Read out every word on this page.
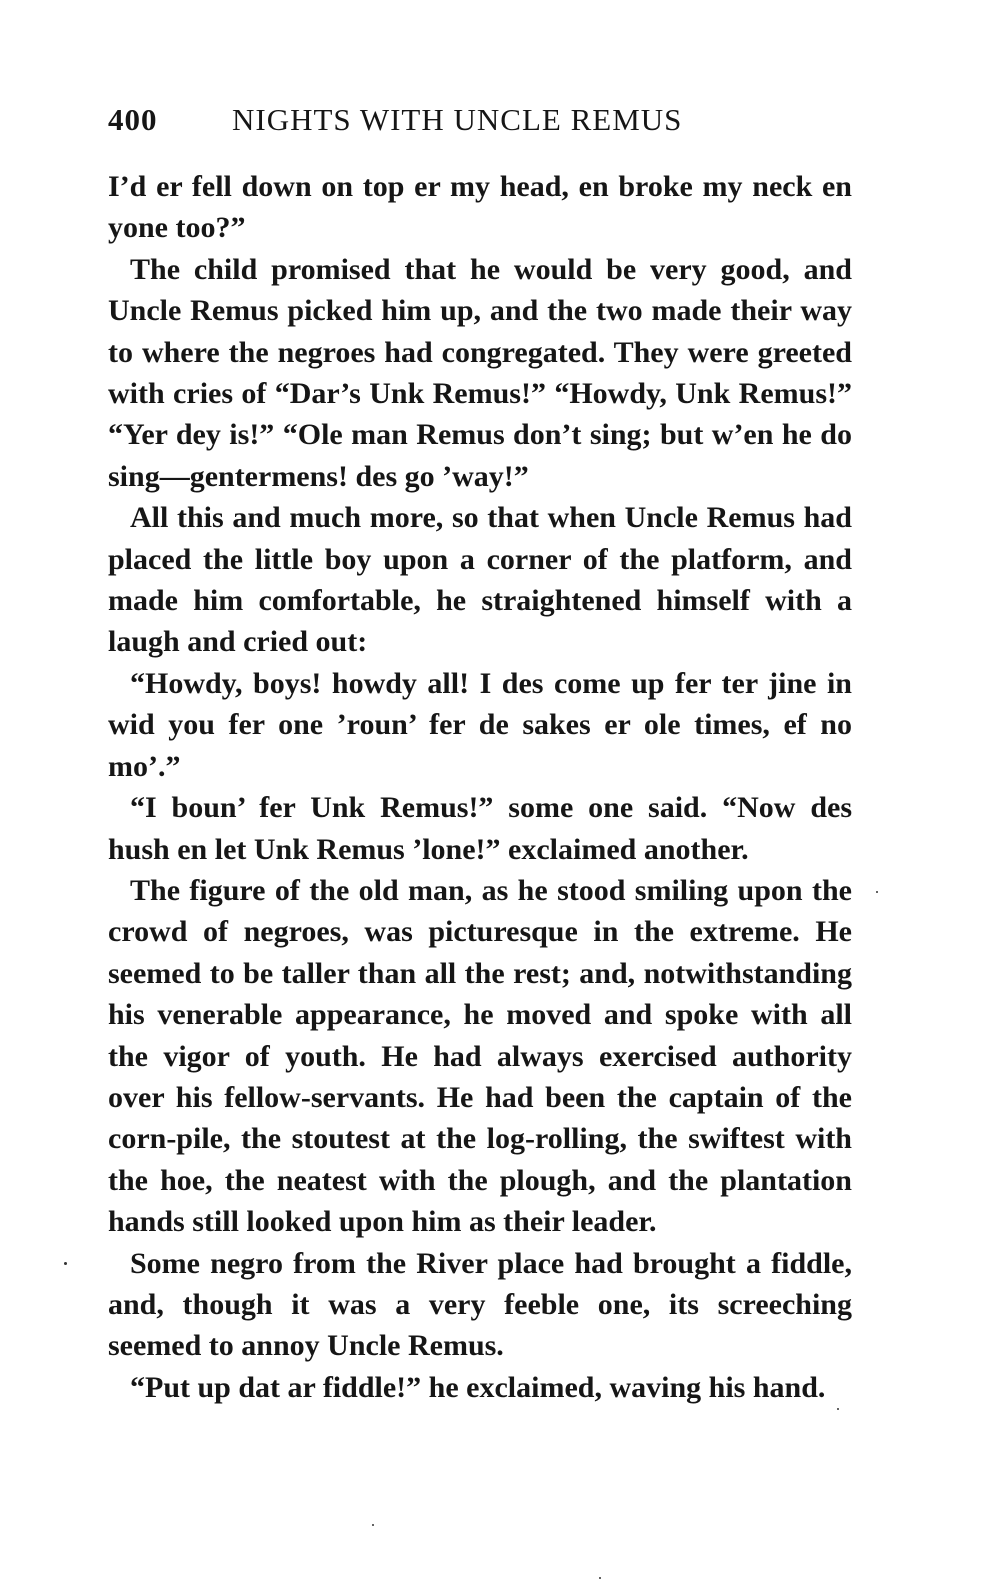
400 NIGHTS WITH UNCLE REMUS

I’d er fell down on top er my head, en broke my neck en yone too?”

The child promised that he would be very good, and Uncle Remus picked him up, and the two made their way to where the negroes had congregated. They were greeted with cries of “Dar’s Unk Remus!” “Howdy, Unk Remus!” “Yer dey is!” “Ole man Remus don’t sing; but w’en he do sing—gentermens! des go ’way!”

All this and much more, so that when Uncle Remus had placed the little boy upon a corner of the platform, and made him comfortable, he straightened himself with a laugh and cried out:

“Howdy, boys! howdy all! I des come up fer ter jine in wid you fer one ’roun’ fer de sakes er ole times, ef no mo’.”

“I boun’ fer Unk Remus!” some one said. “Now des hush en let Unk Remus ’lone!” exclaimed another.

The figure of the old man, as he stood smiling upon the crowd of negroes, was picturesque in the extreme. He seemed to be taller than all the rest; and, notwithstanding his venerable appearance, he moved and spoke with all the vigor of youth. He had always exercised authority over his fellow-servants. He had been the captain of the corn-pile, the stoutest at the log-rolling, the swiftest with the hoe, the neatest with the plough, and the plantation hands still looked upon him as their leader.

Some negro from the River place had brought a fiddle, and, though it was a very feeble one, its screeching seemed to annoy Uncle Remus.

“Put up dat ar fiddle!” he exclaimed, waving his hand.
